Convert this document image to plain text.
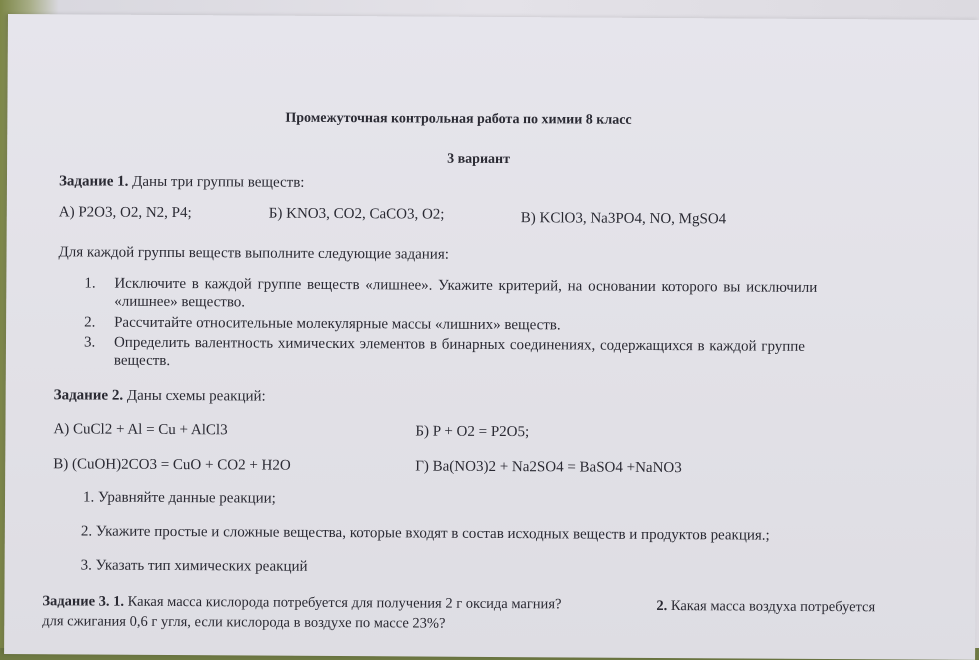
Промежуточная контрольная работа по химии 8 класс
3 вариант
Задание 1. Даны три группы веществ:
А) P2O3, O2, N2, P4;	Б) KNO3, CO2, CaCO3, O2;	В) KClO3, Na3PO4, NO, MgSO4
Для каждой группы веществ выполните следующие задания:
1. Исключите в каждой группе веществ «лишнее». Укажите критерий, на основании которого вы исключили
«лишнее» вещество.
2. Рассчитайте относительные молекулярные массы «лишних» веществ.
3. Определить валентность химических элементов в бинарных соединениях, содержащихся в каждой группе
веществ.
Задание 2. Даны схемы реакций:
А) CuCl2 + Al = Cu + AlCl3	Б) P + O2 = P2O5;
В) (CuOH)2CO3 = CuO + CO2 + H2O	Г) Ba(NO3)2 + Na2SO4 = BaSO4 +NaNO3
1. Уравняйте данные реакции;
2. Укажите простые и сложные вещества, которые входят в состав исходных веществ и продуктов реакция.;
3. Указать тип химических реакций
Задание 3. 1. Какая масса кислорода потребуется для получения 2 г оксида магния?	2. Какая масса воздуха потребуется
для сжигания 0,6 г угля, если кислорода в воздухе по массе 23%?
